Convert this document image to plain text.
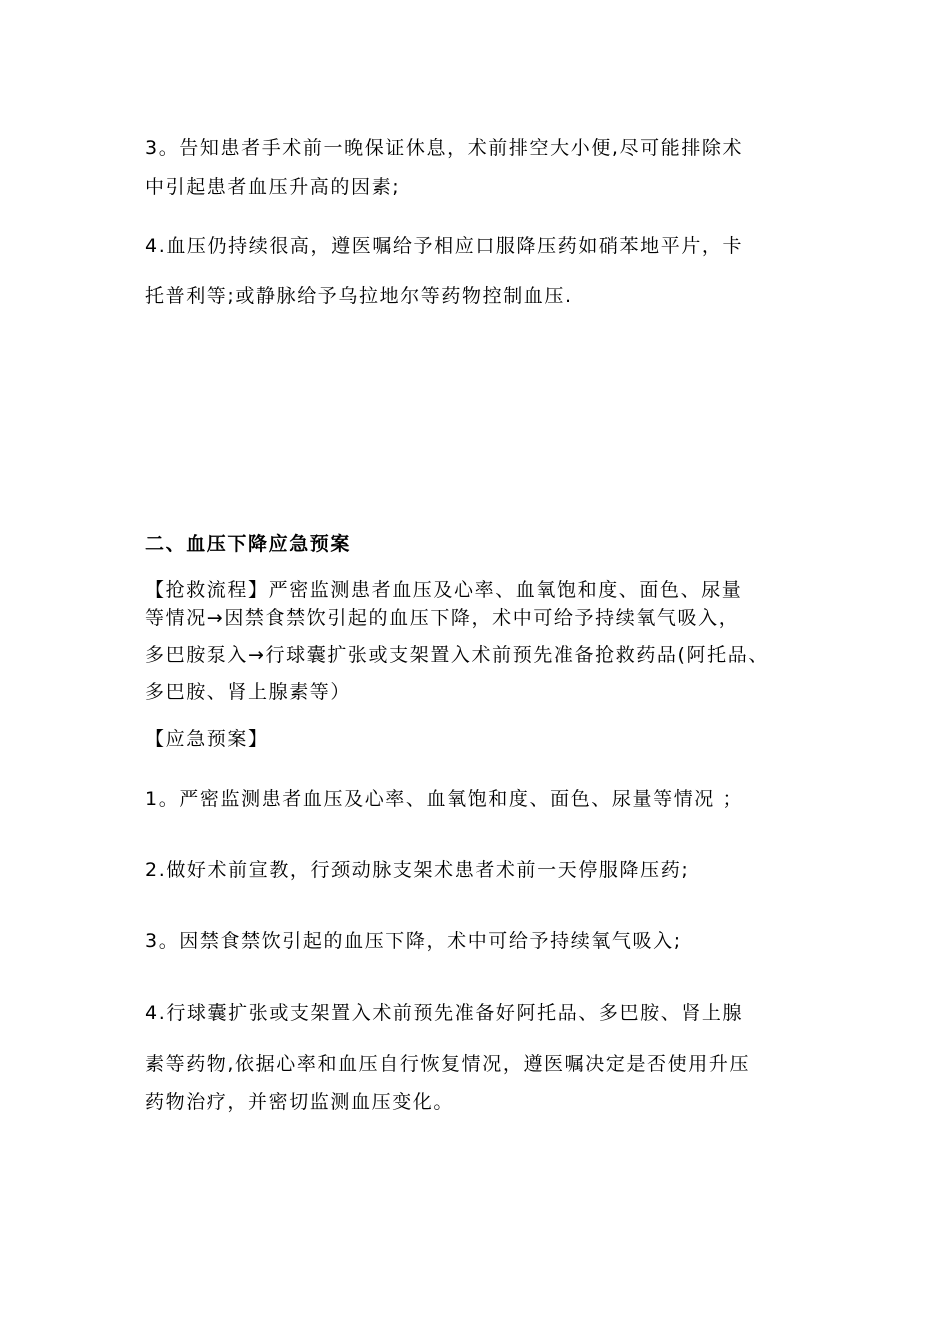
3。告知患者手术前一晚保证休息，术前排空大小便,尽可能排除术
中引起患者血压升高的因素;
4.血压仍持续很高，遵医嘱给予相应口服降压药如硝苯地平片，卡
托普利等;或静脉给予乌拉地尔等药物控制血压.
二、血压下降应急预案
【抢救流程】严密监测患者血压及心率、血氧饱和度、面色、尿量
等情况→因禁食禁饮引起的血压下降，术中可给予持续氧气吸入，
多巴胺泵入→行球囊扩张或支架置入术前预先准备抢救药品(阿托品、
多巴胺、肾上腺素等）
【应急预案】
1。严密监测患者血压及心率、血氧饱和度、面色、尿量等情况 ；
2.做好术前宣教，行颈动脉支架术患者术前一天停服降压药;
3。因禁食禁饮引起的血压下降，术中可给予持续氧气吸入;
4.行球囊扩张或支架置入术前预先准备好阿托品、多巴胺、肾上腺
素等药物,依据心率和血压自行恢复情况，遵医嘱决定是否使用升压
药物治疗，并密切监测血压变化。
